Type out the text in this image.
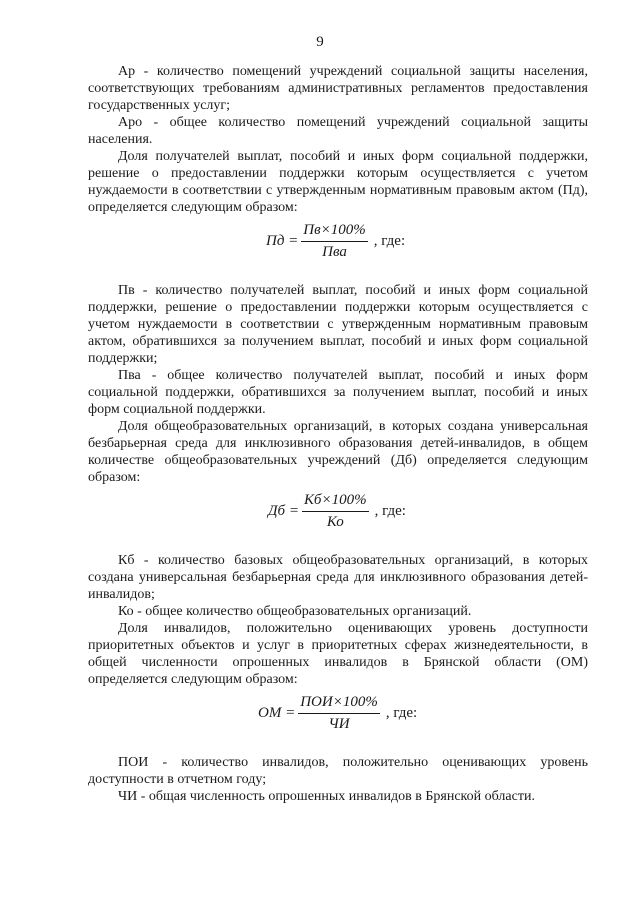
9

Ар - количество помещений учреждений социальной защиты населения, соответствующих требованиям административных регламентов предоставления государственных услуг;

Аро - общее количество помещений учреждений социальной защиты населения.

Доля получателей выплат, пособий и иных форм социальной поддержки, решение о предоставлении поддержки которым осуществляется с учетом нуждаемости в соответствии с утвержденным нормативным правовым актом (Пд), определяется следующим образом:

Пд = $\frac{Пв\times 100\%}{\text{Пва}}$ , где:

Пв - количество получателей выплат, пособий и иных форм социальной поддержки, решение о предоставлении поддержки которым осуществляется с учетом нуждаемости в соответствии с утвержденным нормативным правовым актом, обратившихся за получением выплат, пособий и иных форм социальной поддержки;

Пва - общее количество получателей выплат, пособий и иных форм социальной поддержки, обратившихся за получением выплат, пособий и иных форм социальной поддержки.

Доля общеобразовательных организаций, в которых создана универсальная безбарьерная среда для инклюзивного образования детей-инвалидов, в общем количестве общеобразовательных учреждений (Дб) определяется следующим образом:

Дб = $\frac{Кб\times 100\%}{Ко}$ , где:

Кб - количество базовых общеобразовательных организаций, в которых создана универсальная безбарьерная среда для инклюзивного образования детей-инвалидов;

Ко - общее количество общеобразовательных организаций.

Доля инвалидов, положительно оценивающих уровень доступности приоритетных объектов и услуг в приоритетных сферах жизнедеятельности, в общей численности опрошенных инвалидов в Брянской области (ОМ) определяется следующим образом:

ОМ = $\frac{\text{ПОИ×100\%}}{ЧИ}$ , где:

ПОИ - количество инвалидов, положительно оценивающих уровень доступности в отчетном году;

ЧИ - общая численность опрошенных инвалидов в Брянской области.
